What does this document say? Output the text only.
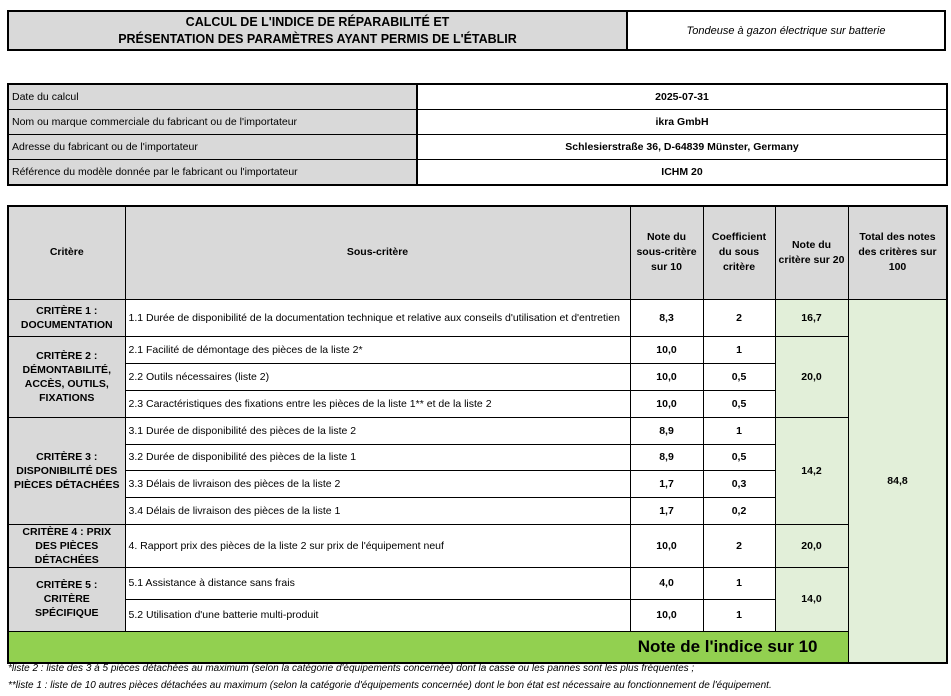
CALCUL DE L'INDICE DE RÉPARABILITÉ ET
PRÉSENTATION DES PARAMÈTRES AYANT PERMIS DE L'ÉTABLIR
Tondeuse à gazon électrique sur batterie
Date du calcul	2025-07-31
Nom ou marque commerciale du fabricant ou de l'importateur	ikra GmbH
Adresse du fabricant ou de l'importateur	Schlesierstraße 36, D-64839 Münster, Germany
Référence du modèle donnée par le fabricant ou l'importateur	ICHM 20
Critère	Sous-critère	Note du sous-critère sur 10	Coefficient du sous critère	Note du critère sur 20	Total des notes des critères sur 100	
CRITÈRE 1 : DOCUMENTATION	1.1 Durée de disponibilité de la documentation technique et relative aux conseils d'utilisation et d'entretien	8,3	2	16,7	84,8	
CRITÈRE 2 : DÉMONTABILITÉ, ACCÈS, OUTILS, FIXATIONS	2.1 Facilité de démontage des pièces de la liste 2*	10,0	1	20,0		
	2.2 Outils nécessaires (liste 2)	10,0	0,5			
	2.3 Caractéristiques des fixations entre les pièces de la liste 1** et de la liste 2	10,0	0,5			
CRITÈRE 3 : DISPONIBILITÉ DES PIÈCES DÉTACHÉES	3.1 Durée de disponibilité des pièces de la liste 2	8,9	1	14,2		
	3.2 Durée de disponibilité des pièces de la liste 1	8,9	0,5			
	3.3 Délais de livraison des pièces de la liste 2	1,7	0,3			
	3.4 Délais de livraison des pièces de la liste 1	1,7	0,2			
CRITÈRE 4 : PRIX DES PIÈCES DÉTACHÉES	4. Rapport prix des pièces de la liste 2 sur prix de l'équipement neuf	10,0	2	20,0		
CRITÈRE 5 : CRITÈRE SPÉCIFIQUE	5.1 Assistance à distance sans frais	4,0	1	14,0		
	5.2 Utilisation d'une batterie multi-produit	10,0	1			
Note de l'indice sur 10	
*liste 2 : liste des 3 à 5 pièces détachées au maximum (selon la catégorie d'équipements concernée) dont la casse ou les pannes sont les plus fréquentes ;
**liste 1 : liste de 10 autres pièces détachées au maximum (selon la catégorie d'équipements concernée) dont le bon état est nécessaire au fonctionnement de l'équipement.
